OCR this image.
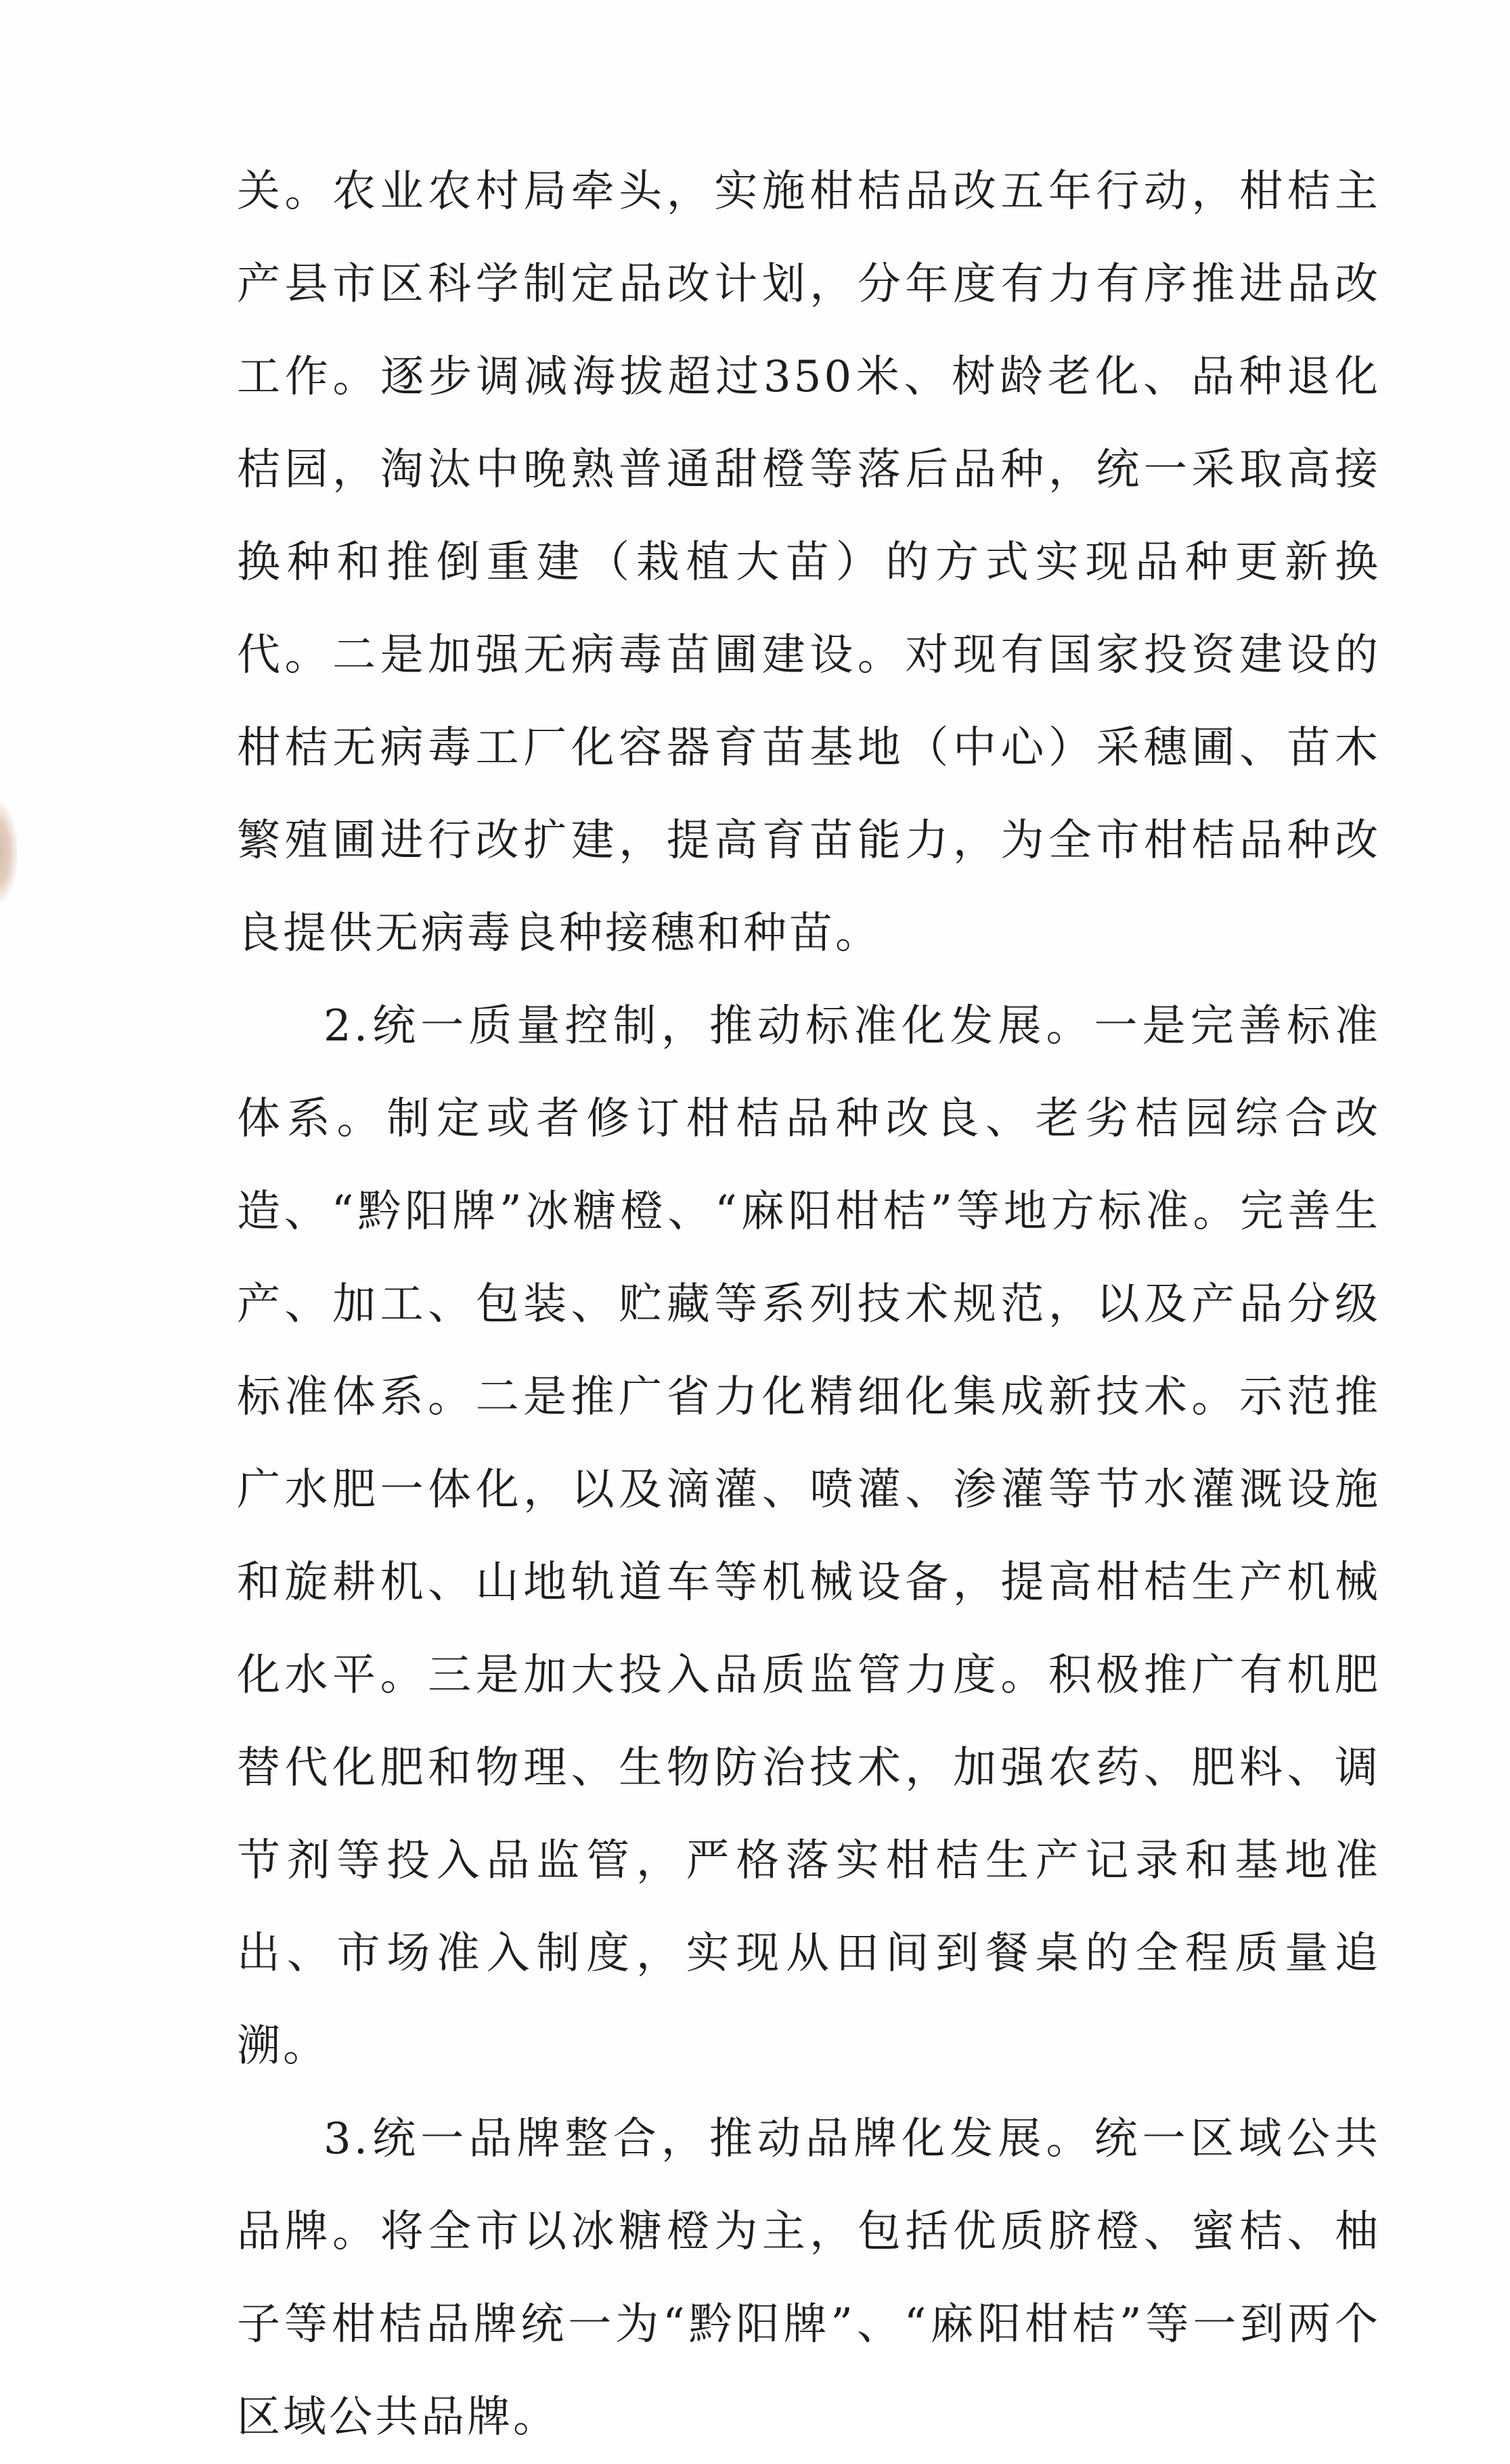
关。农业农村局牵头，实施柑桔品改五年行动，柑桔主产县市区科学制定品改计划，分年度有力有序推进品改工作。逐步调减海拔超过350米、树龄老化、品种退化桔园，淘汰中晚熟普通甜橙等落后品种，统一采取高接换种和推倒重建（栽植大苗）的方式实现品种更新换代。二是加强无病毒苗圃建设。对现有国家投资建设的柑桔无病毒工厂化容器育苗基地（中心）采穗圃、苗木繁殖圃进行改扩建，提高育苗能力，为全市柑桔品种改良提供无病毒良种接穗和种苗。

2.统一质量控制，推动标准化发展。一是完善标准体系。制定或者修订柑桔品种改良、老劣桔园综合改造、“黔阳牌”冰糖橙、“麻阳柑桔”等地方标准。完善生产、加工、包装、贮藏等系列技术规范，以及产品分级标准体系。二是推广省力化精细化集成新技术。示范推广水肥一体化，以及滴灌、喷灌、渗灌等节水灌溉设施和旋耕机、山地轨道车等机械设备，提高柑桔生产机械化水平。三是加大投入品质监管力度。积极推广有机肥替代化肥和物理、生物防治技术，加强农药、肥料、调节剂等投入品监管，严格落实柑桔生产记录和基地准出、市场准入制度，实现从田间到餐桌的全程质量追溯。

3.统一品牌整合，推动品牌化发展。统一区域公共品牌。将全市以冰糖橙为主，包括优质脐橙、蜜桔、柚子等柑桔品牌统一为“黔阳牌”、“麻阳柑桔”等一到两个区域公共品牌。
